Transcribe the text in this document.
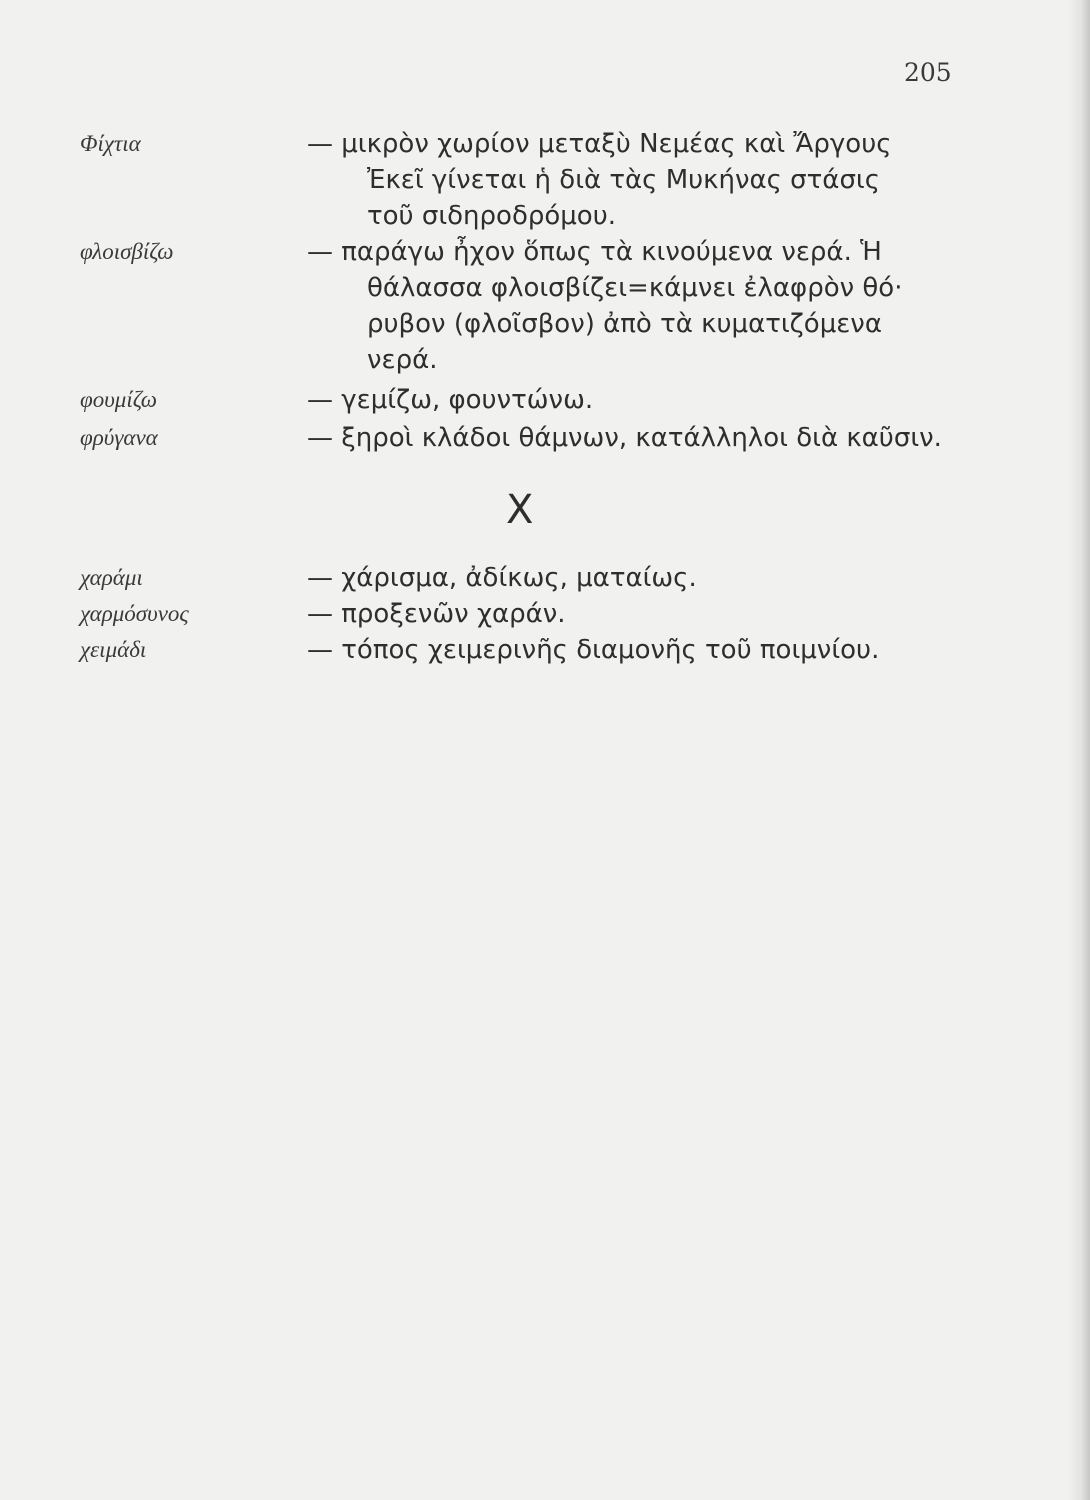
205
Φίχτια	— μικρὸν χωρίον μεταξὺ Νεμέας καὶ Ἄργους
Ἐκεῖ γίνεται ἡ διὰ τὰς Μυκήνας στάσις
τοῦ σιδηροδρόμου.
φλοισβίζω	— παράγω ἦχον ὅπως τὰ κινούμενα νερά. Ἡ
θάλασσα φλοισβίζει=κάμνει ἐλαφρὸν θό·
ρυβον (φλοῖσβον) ἀπὸ τὰ κυματιζόμενα
νερά.
φουμίζω	— γεμίζω, φουντώνω.
φρύγανα	— ξηροὶ κλάδοι θάμνων, κατάλληλοι διὰ καῦσιν.
Χ
χαράμι	— χάρισμα, ἀδίκως, ματαίως.
χαρμόσυνος	— προξενῶν χαράν.
χειμάδι	— τόπος χειμερινῆς διαμονῆς τοῦ ποιμνίου.
